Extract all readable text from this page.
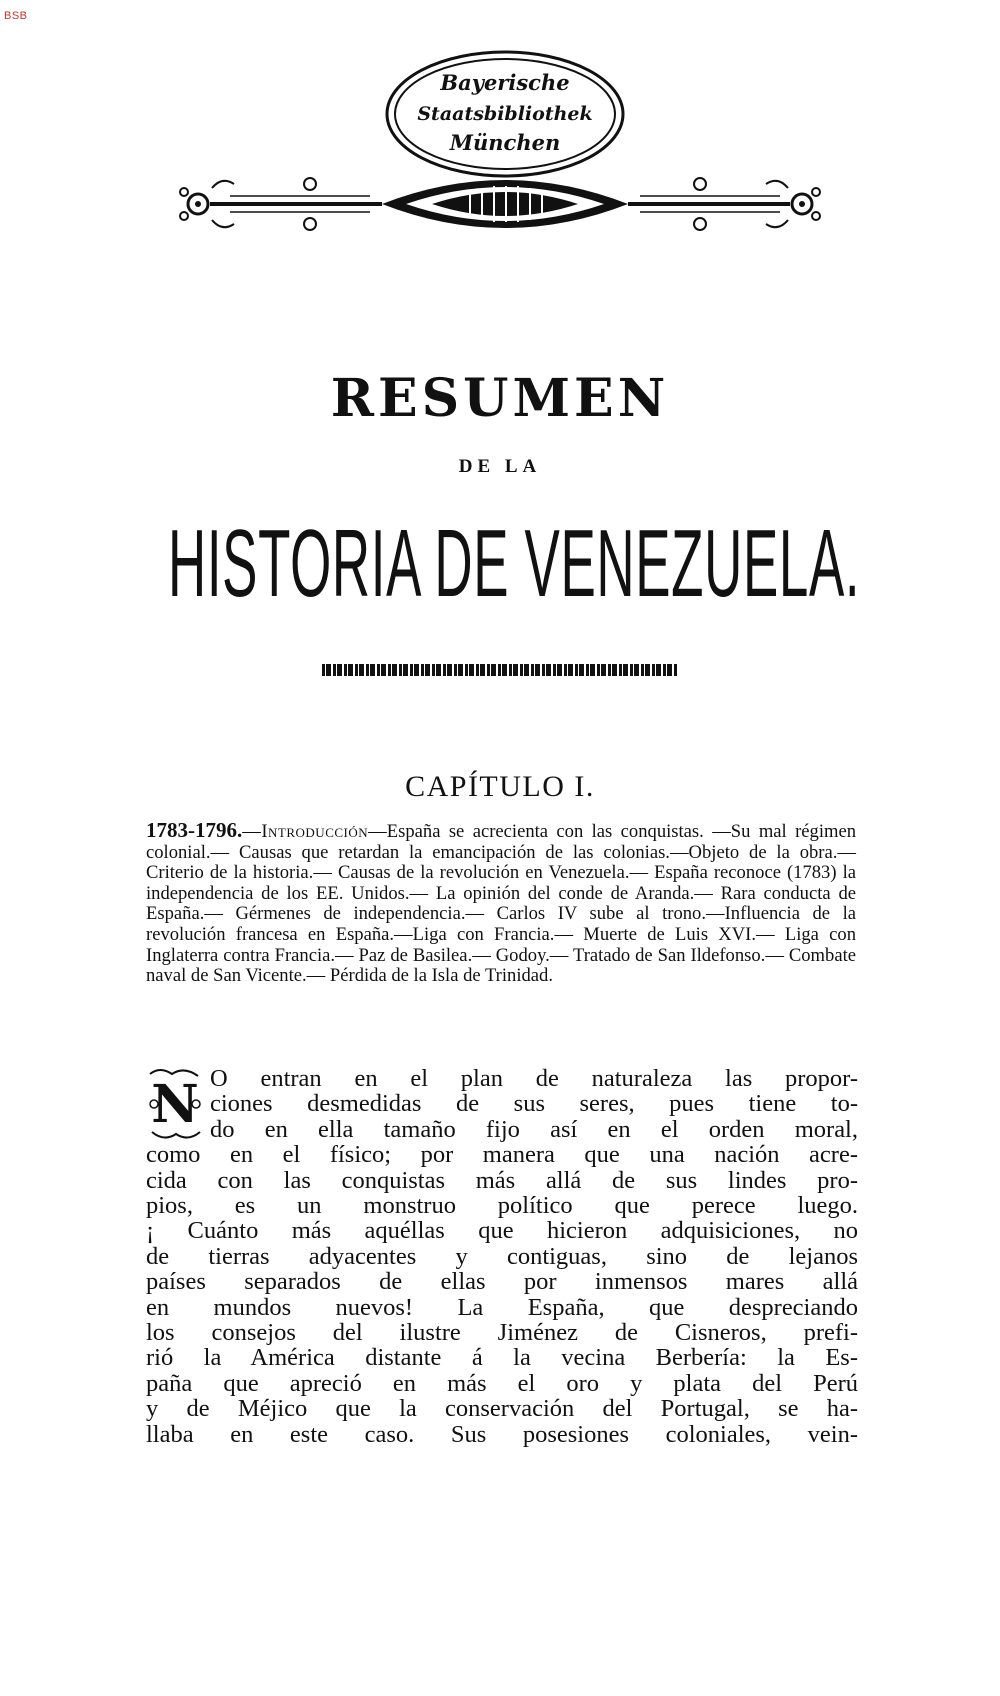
BSB
Bayerische
Staatsbibliothek
München
RESUMEN
DE LA
HISTORIA DE VENEZUELA.
CAPÍTULO I.
1783-1796.—Introducción—España se acrecienta con las conquistas. —Su mal régimen colonial.— Causas que retardan la emancipación de las colonias.—Objeto de la obra.—Criterio de la historia.— Causas de la revolución en Venezuela.— España reconoce (1783) la independencia de los EE. Unidos.— La opinión del conde de Aranda.— Rara conducta de España.— Gérmenes de independencia.— Carlos IV sube al trono.—Influencia de la revolución francesa en España.—Liga con Francia.— Muerte de Luis XVI.— Liga con Inglaterra contra Francia.— Paz de Basilea.— Godoy.— Tratado de San Ildefonso.— Combate naval de San Vicente.— Pérdida de la Isla de Trinidad.
N O entran en el plan de naturaleza las propor-
ciones desmedidas de sus seres, pues tiene to-
do en ella tamaño fijo así en el orden moral,
como en el físico; por manera que una nación acre-
cida con las conquistas más allá de sus lindes pro-
pios, es un monstruo político que perece luego.
¡ Cuánto más aquéllas que hicieron adquisiciones, no
de tierras adyacentes y contiguas, sino de lejanos
países separados de ellas por inmensos mares allá
en mundos nuevos! La España, que despreciando
los consejos del ilustre Jiménez de Cisneros, prefi-
rió la América distante á la vecina Berbería: la Es-
paña que apreció en más el oro y plata del Perú
y de Méjico que la conservación del Portugal, se ha-
llaba en este caso. Sus posesiones coloniales, vein-
